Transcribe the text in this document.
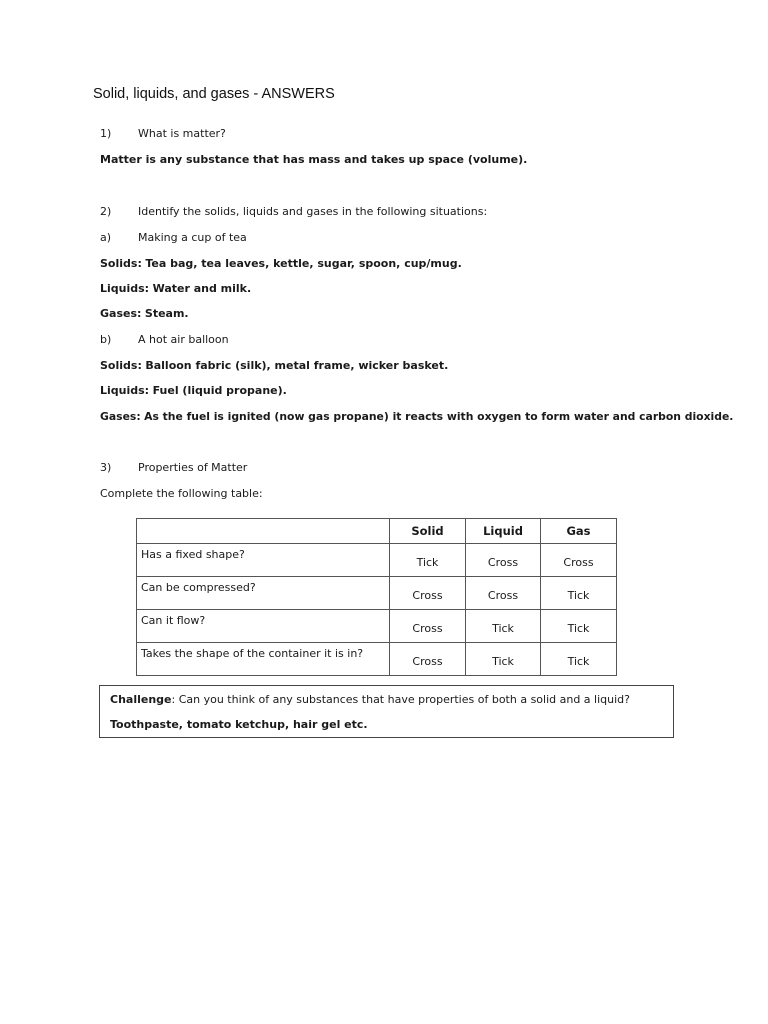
Solid, liquids, and gases - ANSWERS
1) What is matter?
Matter is any substance that has mass and takes up space (volume).
2) Identify the solids, liquids and gases in the following situations:
a) Making a cup of tea
Solids: Tea bag, tea leaves, kettle, sugar, spoon, cup/mug.
Liquids: Water and milk.
Gases: Steam.
b) A hot air balloon
Solids: Balloon fabric (silk), metal frame, wicker basket.
Liquids: Fuel (liquid propane).
Gases: As the fuel is ignited (now gas propane) it reacts with oxygen to form water and carbon dioxide.
3) Properties of Matter
Complete the following table:
	Solid	Liquid	Gas
Has a fixed shape?	Tick	Cross	Cross
Can be compressed?	Cross	Cross	Tick
Can it flow?	Cross	Tick	Tick
Takes the shape of the container it is in?	Cross	Tick	Tick
Challenge: Can you think of any substances that have properties of both a solid and a liquid?
Toothpaste, tomato ketchup, hair gel etc.
